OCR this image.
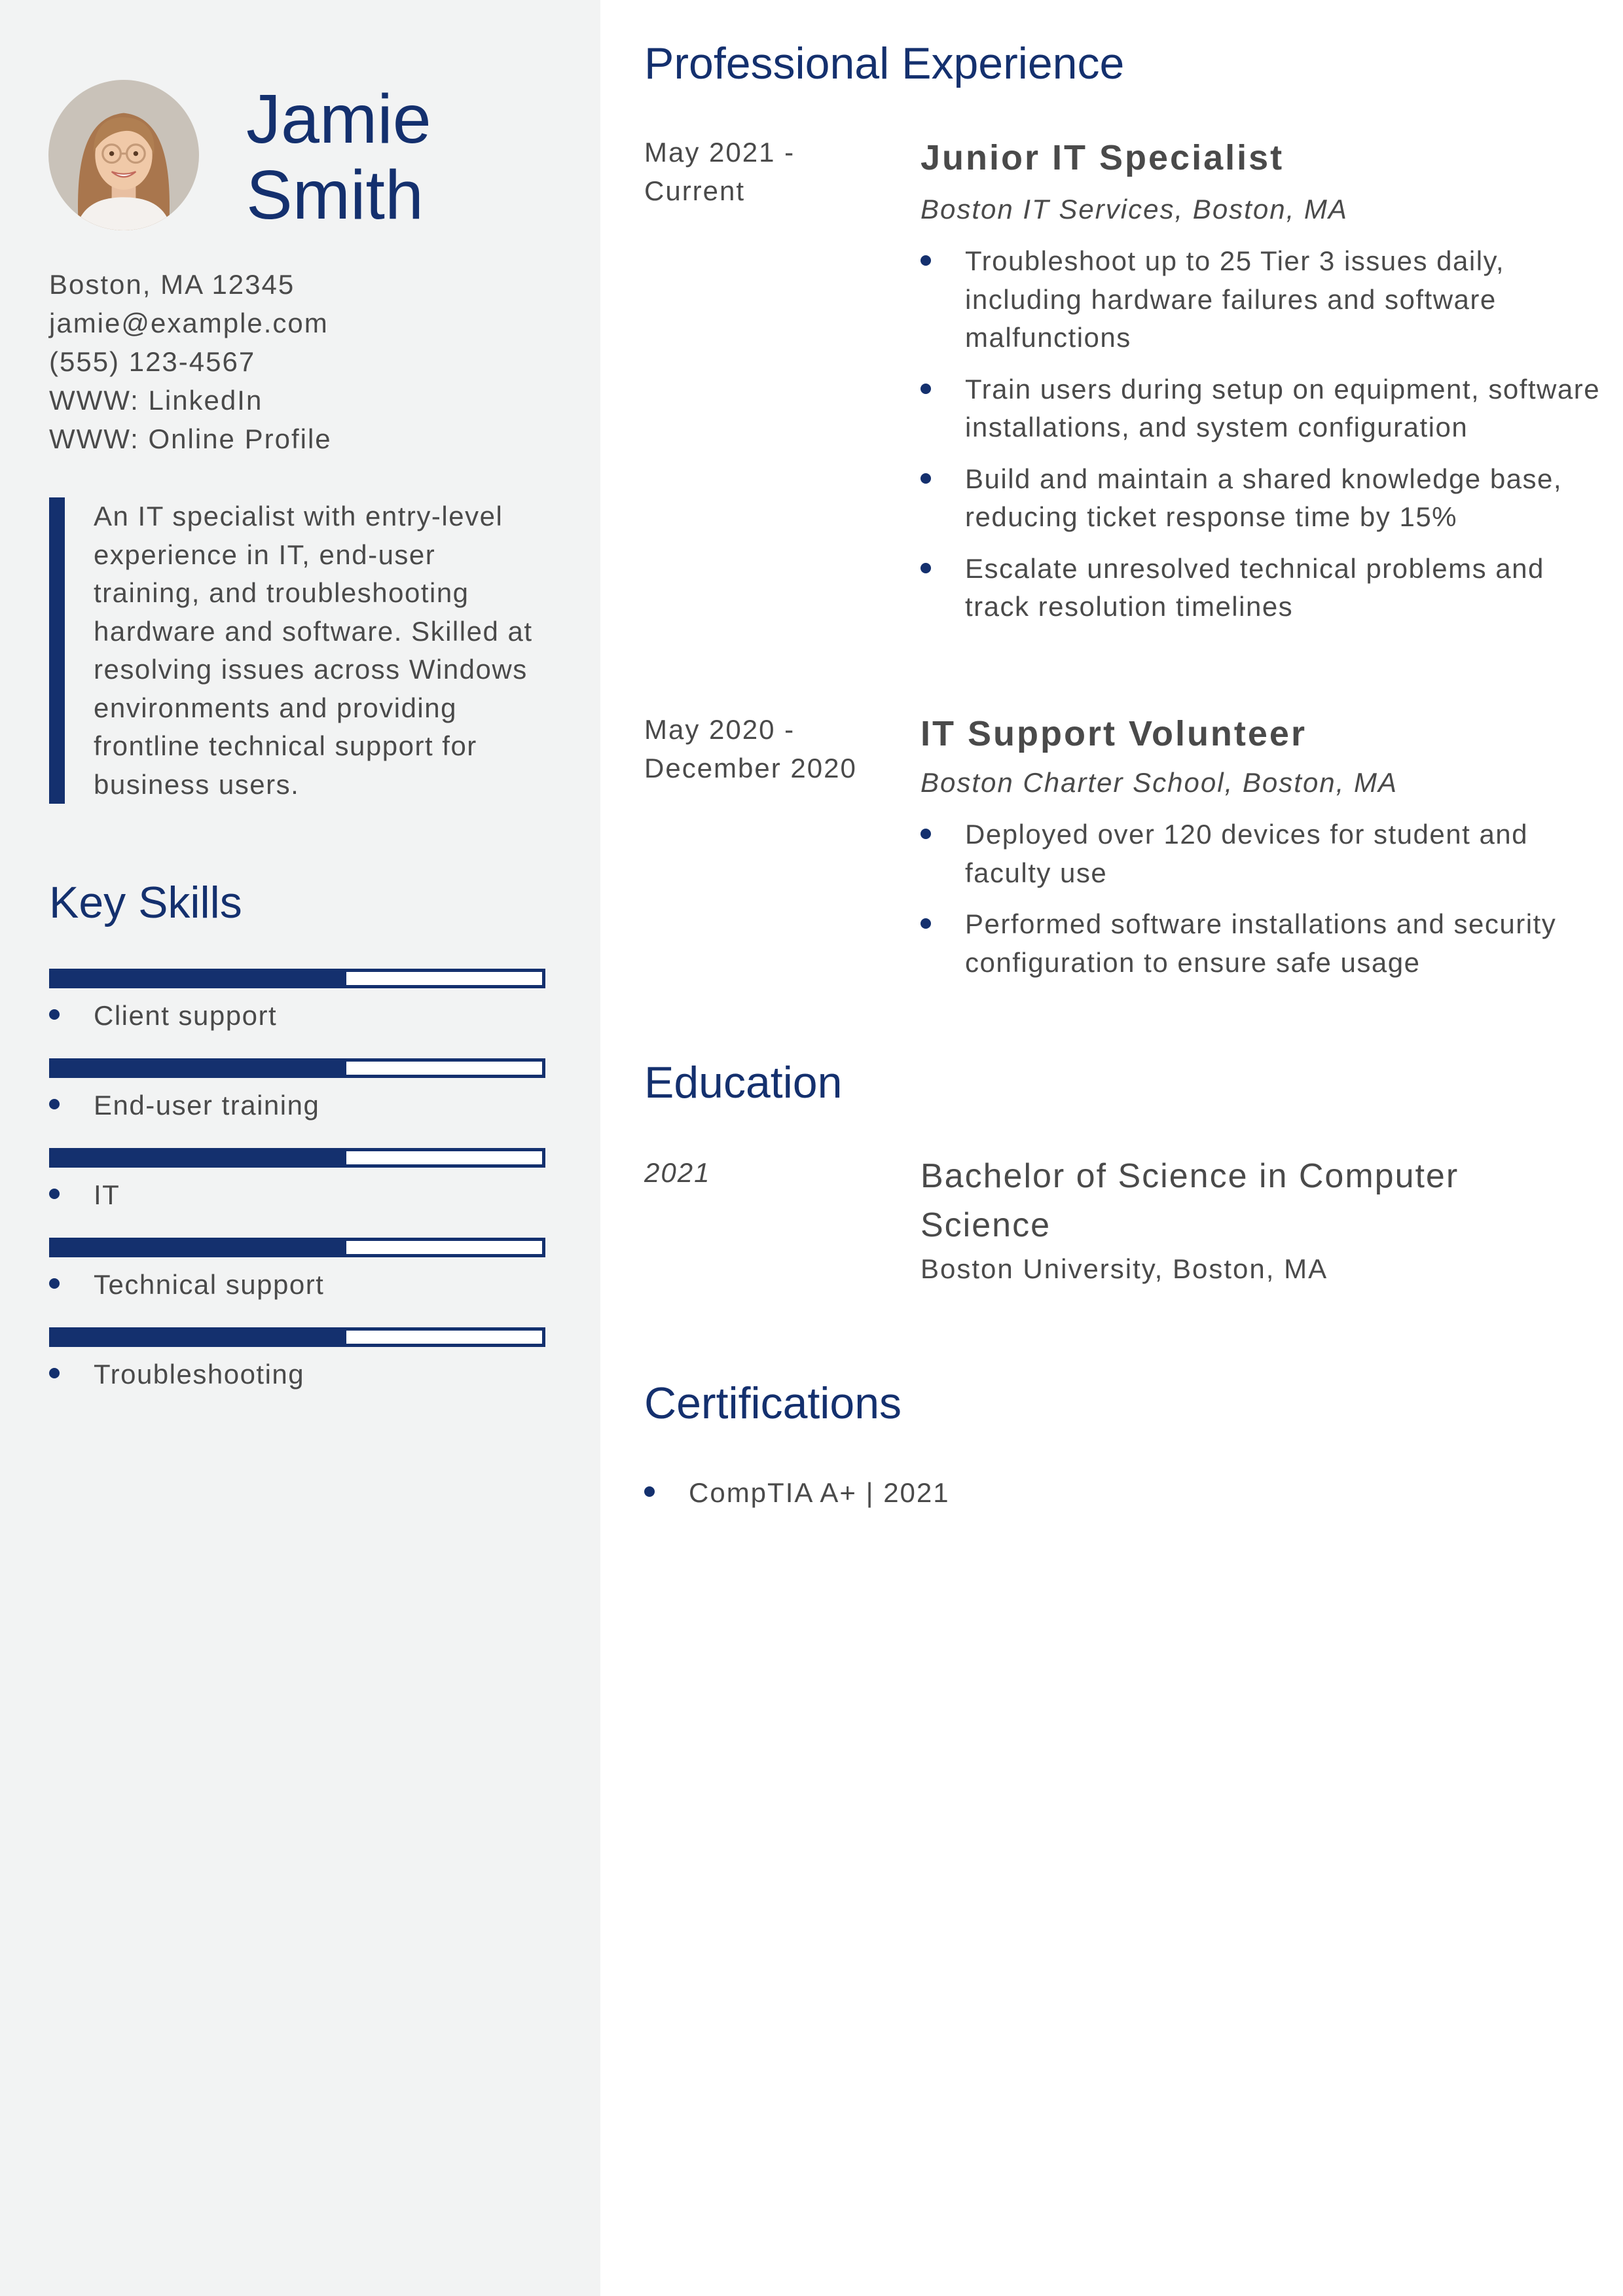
Jamie
Smith
Boston, MA 12345
jamie@example.com
(555) 123-4567
WWW: LinkedIn
WWW: Online Profile
An IT specialist with entry-level experience in IT, end-user training, and troubleshooting hardware and software. Skilled at resolving issues across Windows environments and providing frontline technical support for business users.
Key Skills
Client support
End-user training
IT
Technical support
Troubleshooting
Professional Experience
May 2021 -
Current
Junior IT Specialist
Boston IT Services, Boston, MA
Troubleshoot up to 25 Tier 3 issues daily, including hardware failures and software malfunctions
Train users during setup on equipment, software installations, and system configuration
Build and maintain a shared knowledge base, reducing ticket response time by 15%
Escalate unresolved technical problems and track resolution timelines
May 2020 -
December 2020
IT Support Volunteer
Boston Charter School, Boston, MA
Deployed over 120 devices for student and faculty use
Performed software installations and security configuration to ensure safe usage
Education
2021	Bachelor of Science in Computer Science
Boston University, Boston, MA
Certifications
CompTIA A+ | 2021
